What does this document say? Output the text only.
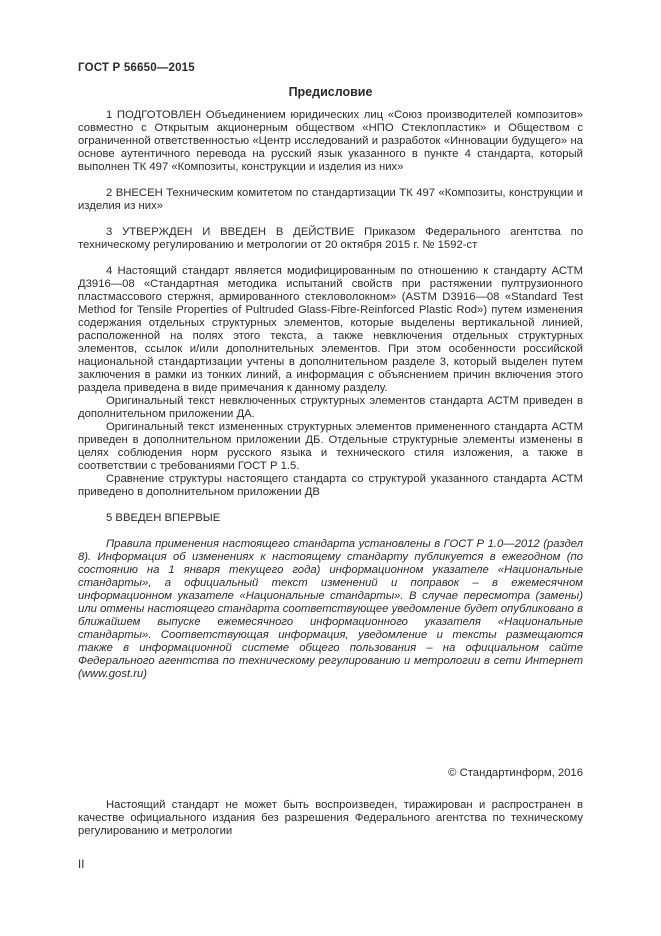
ГОСТ Р 56650—2015
Предисловие

1 ПОДГОТОВЛЕН Объединением юридических лиц «Союз производителей композитов» совместно с Открытым акционерным обществом «НПО Стеклопластик» и Обществом с ограниченной ответственностью «Центр исследований и разработок «Инновации будущего» на основе аутентичного перевода на русский язык указанного в пункте 4 стандарта, который выполнен ТК 497 «Композиты, конструкции и изделия из них»

2 ВНЕСЕН Техническим комитетом по стандартизации ТК 497 «Композиты, конструкции и изделия из них»

3 УТВЕРЖДЕН И ВВЕДЕН В ДЕЙСТВИЕ Приказом Федерального агентства по техническому регулированию и метрологии от 20 октября 2015 г. № 1592-ст

4 Настоящий стандарт является модифицированным по отношению к стандарту АСТМ Д3916—08 «Стандартная методика испытаний свойств при растяжении пултрузионного пластмассового стержня, армированного стекловолокном» (ASTM D3916—08 «Standard Test Method for Tensile Properties of Pultruded Glass-Fibre-Reinforced Plastic Rod») путем изменения содержания отдельных структурных элементов, которые выделены вертикальной линией, расположенной на полях этого текста, а также невключения отдельных структурных элементов, ссылок и/или дополнительных элементов. При этом особенности российской национальной стандартизации учтены в дополнительном разделе 3, который выделен путем заключения в рамки из тонких линий, а информация с объяснением причин включения этого раздела приведена в виде примечания к данному разделу.

Оригинальный текст невключенных структурных элементов стандарта АСТМ приведен в дополнительном приложении ДА.

Оригинальный текст измененных структурных элементов примененного стандарта АСТМ приведен в дополнительном приложении ДБ. Отдельные структурные элементы изменены в целях соблюдения норм русского языка и технического стиля изложения, а также в соответствии с требованиями ГОСТ Р 1.5.

Сравнение структуры настоящего стандарта со структурой указанного стандарта АСТМ приведено в дополнительном приложении ДВ

5 ВВЕДЕН ВПЕРВЫЕ

Правила применения настоящего стандарта установлены в ГОСТ Р 1.0—2012 (раздел 8). Информация об изменениях к настоящему стандарту публикуется в ежегодном (по состоянию на 1 января текущего года) информационном указателе «Национальные стандарты», а официальный текст изменений и поправок – в ежемесячном информационном указателе «Национальные стандарты». В случае пересмотра (замены) или отмены настоящего стандарта соответствующее уведомление будет опубликовано в ближайшем выпуске ежемесячного информационного указателя «Национальные стандарты». Соответствующая информация, уведомление и тексты размещаются также в информационной системе общего пользования – на официальном сайте Федерального агентства по техническому регулированию и метрологии в сети Интернет (www.gost.ru)

© Стандартинформ, 2016

Настоящий стандарт не может быть воспроизведен, тиражирован и распространен в качестве официального издания без разрешения Федерального агентства по техническому регулированию и метрологии

II
